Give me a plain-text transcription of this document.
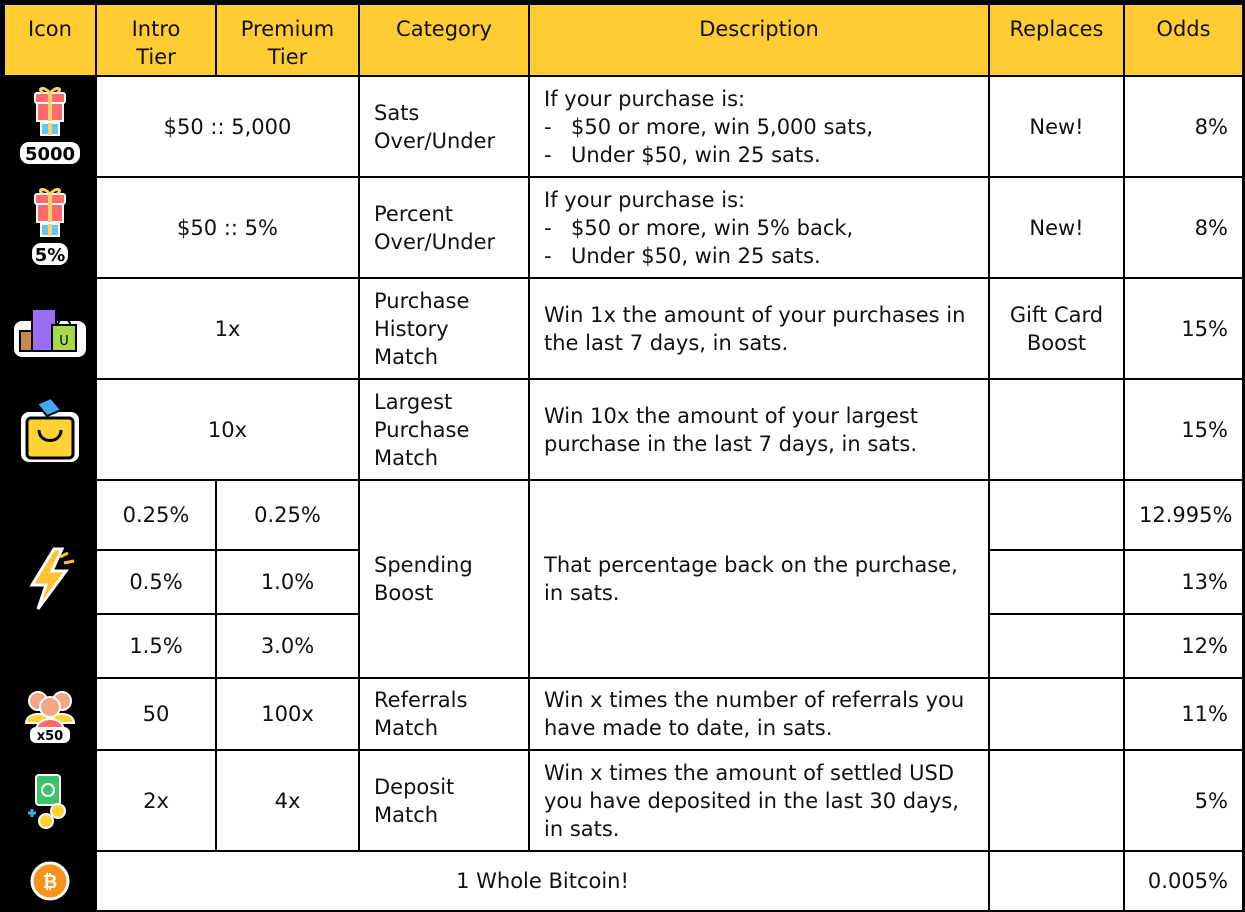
Icon	Intro Tier	Premium Tier	Category	Description	Replaces	Odds

5000	$50 :: 5,000		Sats Over/Under	If your purchase is:
- $50 or more, win 5,000 sats,
- Under $50, win 25 sats.	New!	8%

5%	$50 :: 5%		Percent Over/Under	If your purchase is:
- $50 or more, win 5% back,
- Under $50, win 25 sats.	New!	8%

U	1x		Purchase History Match	Win 1x the amount of your purchases in the last 7 days, in sats.	Gift Card Boost	15%

	10x		Largest Purchase Match	Win 10x the amount of your largest purchase in the last 7 days, in sats.		15%

	0.25%	0.25%	Spending Boost	That percentage back on the purchase, in sats.		12.995%
	0.5%	1.0%				13%
	1.5%	3.0%				12%

x50	50	100x	Referrals Match	Win x times the number of referrals you have made to date, in sats.		11%

	2x	4x	Deposit Match	Win x times the amount of settled USD you have deposited in the last 30 days, in sats.		5%

₿	1 Whole Bitcoin!					0.005%
